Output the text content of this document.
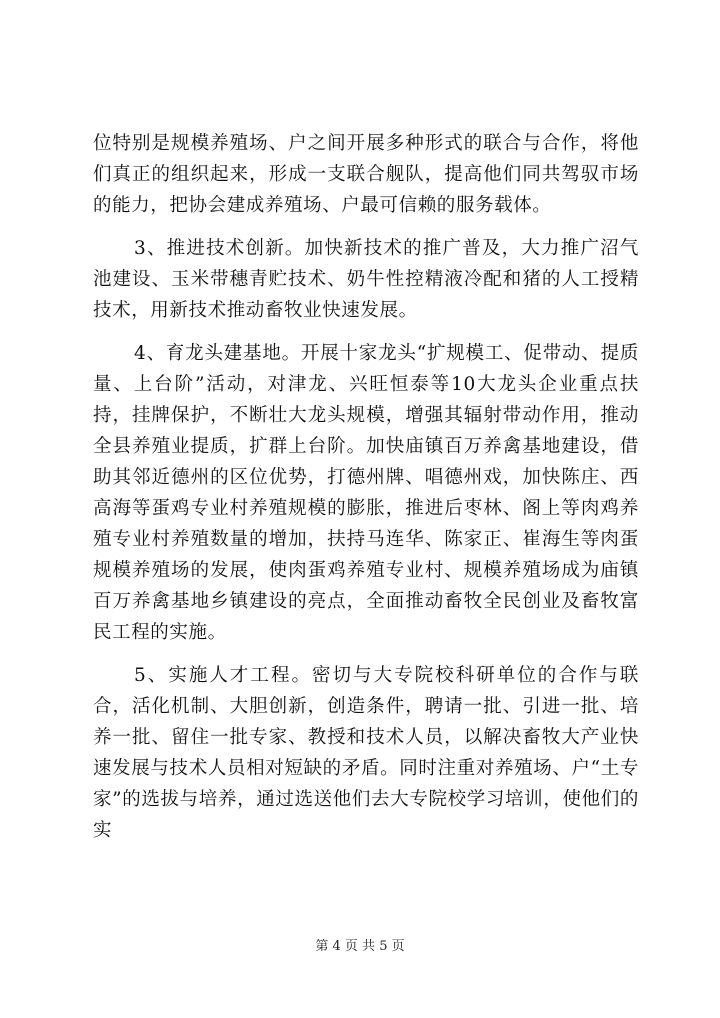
位特别是规模养殖场、户之间开展多种形式的联合与合作，将他们真正的组织起来，形成一支联合舰队，提高他们同共驾驭市场的能力，把协会建成养殖场、户最可信赖的服务载体。

3、推进技术创新。加快新技术的推广普及，大力推广沼气池建设、玉米带穗青贮技术、奶牛性控精液冷配和猪的人工授精技术，用新技术推动畜牧业快速发展。

4、育龙头建基地。开展十家龙头“扩规模工、促带动、提质量、上台阶”活动，对津龙、兴旺恒泰等10大龙头企业重点扶持，挂牌保护，不断壮大龙头规模，增强其辐射带动作用，推动全县养殖业提质，扩群上台阶。加快庙镇百万养禽基地建设，借助其邻近德州的区位优势，打德州牌、唱德州戏，加快陈庄、西高海等蛋鸡专业村养殖规模的膨胀，推进后枣林、阁上等肉鸡养殖专业村养殖数量的增加，扶持马连华、陈家正、崔海生等肉蛋规模养殖场的发展，使肉蛋鸡养殖专业村、规模养殖场成为庙镇百万养禽基地乡镇建设的亮点，全面推动畜牧全民创业及畜牧富民工程的实施。

5、实施人才工程。密切与大专院校科研单位的合作与联合，活化机制、大胆创新，创造条件，聘请一批、引进一批、培养一批、留住一批专家、教授和技术人员，以解决畜牧大产业快速发展与技术人员相对短缺的矛盾。同时注重对养殖场、户“土专家”的选拔与培养，通过选送他们去大专院校学习培训，使他们的实

第 4 页 共 5 页
